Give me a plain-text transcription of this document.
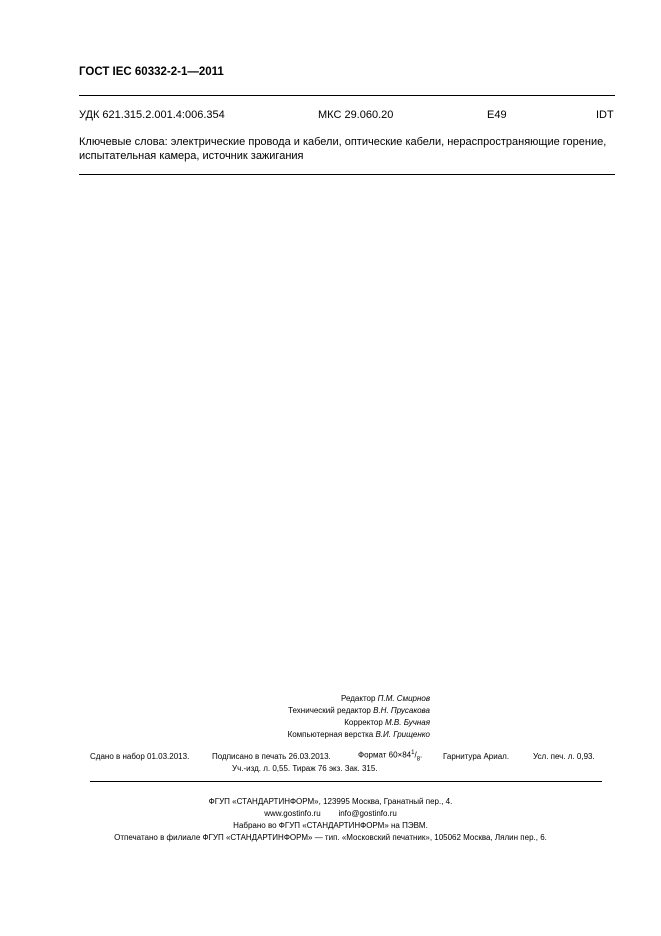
ГОСТ IEC 60332-2-1—2011
УДК 621.315.2.001.4:006.354	МКС 29.060.20	E49	IDT
Ключевые слова: электрические провода и кабели, оптические кабели, нераспространяющие горение, испытательная камера, источник зажигания
Редактор П.М. Смирнов
Технический редактор В.Н. Прусакова
Корректор М.В. Бучная
Компьютерная верстка В.И. Грищенко
Сдано в набор 01.03.2013.	Подписано в печать 26.03.2013.	Формат $60\times 84^1/_8$.	Гарнитура Ариал.	Усл. печ. л. 0,93.
Уч.-изд. л. 0,55. Тираж 76 экз. Зак. 315.
ФГУП «СТАНДАРТИНФОРМ», 123995 Москва, Гранатный пер., 4.
www.gostinfo.ru info@gostinfo.ru
Набрано во ФГУП «СТАНДАРТИНФОРМ» на ПЭВМ.
Отпечатано в филиале ФГУП «СТАНДАРТИНФОРМ» — тип. «Московский печатник», 105062 Москва, Лялин пер., 6.
